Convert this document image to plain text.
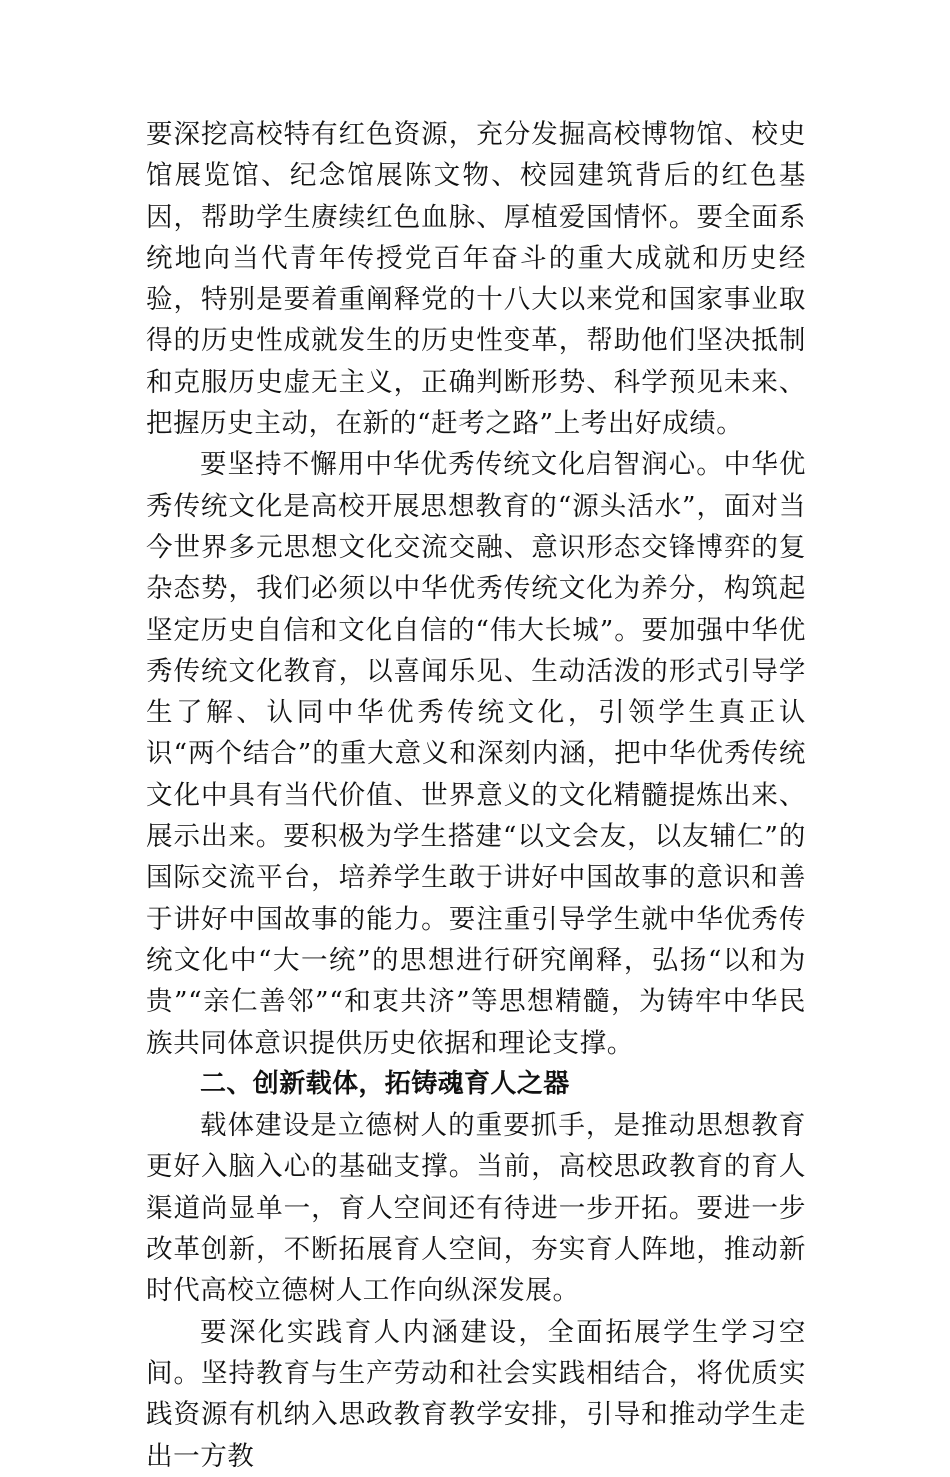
要深挖高校特有红色资源，充分发掘高校博物馆、校史馆展览馆、纪念馆展陈文物、校园建筑背后的红色基因，帮助学生赓续红色血脉、厚植爱国情怀。要全面系统地向当代青年传授党百年奋斗的重大成就和历史经验，特别是要着重阐释党的十八大以来党和国家事业取得的历史性成就发生的历史性变革，帮助他们坚决抵制和克服历史虚无主义，正确判断形势、科学预见未来、把握历史主动，在新的“赶考之路”上考出好成绩。

要坚持不懈用中华优秀传统文化启智润心。中华优秀传统文化是高校开展思想教育的“源头活水”，面对当今世界多元思想文化交流交融、意识形态交锋博弈的复杂态势，我们必须以中华优秀传统文化为养分，构筑起坚定历史自信和文化自信的“伟大长城”。要加强中华优秀传统文化教育，以喜闻乐见、生动活泼的形式引导学生了解、认同中华优秀传统文化，引领学生真正认识“两个结合”的重大意义和深刻内涵，把中华优秀传统文化中具有当代价值、世界意义的文化精髓提炼出来、展示出来。要积极为学生搭建“以文会友，以友辅仁”的国际交流平台，培养学生敢于讲好中国故事的意识和善于讲好中国故事的能力。要注重引导学生就中华优秀传统文化中“大一统”的思想进行研究阐释，弘扬“以和为贵”“亲仁善邻”“和衷共济”等思想精髓，为铸牢中华民族共同体意识提供历史依据和理论支撑。

二、创新载体，拓铸魂育人之器

载体建设是立德树人的重要抓手，是推动思想教育更好入脑入心的基础支撑。当前，高校思政教育的育人渠道尚显单一，育人空间还有待进一步开拓。要进一步改革创新，不断拓展育人空间，夯实育人阵地，推动新时代高校立德树人工作向纵深发展。

要深化实践育人内涵建设，全面拓展学生学习空间。坚持教育与生产劳动和社会实践相结合，将优质实践资源有机纳入思政教育教学安排，引导和推动学生走出一方教
